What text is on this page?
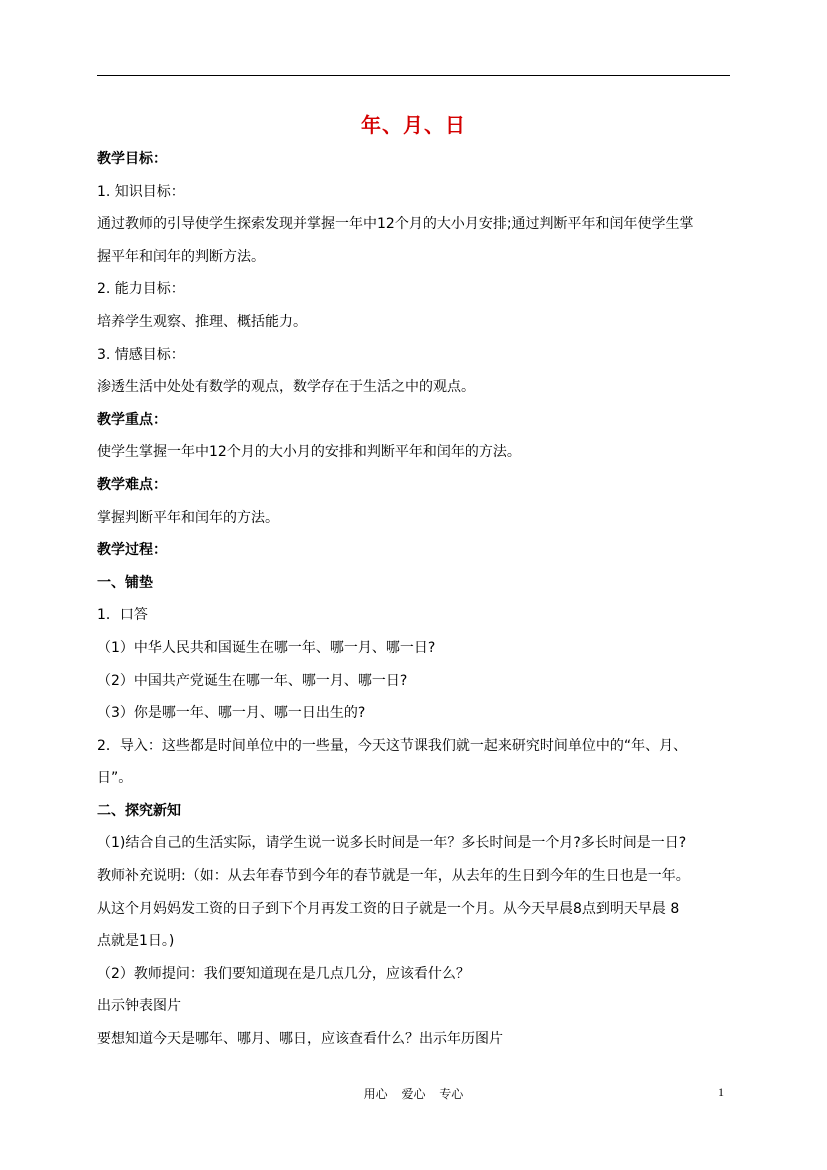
年、月、日
教学目标：
1. 知识目标：
通过教师的引导使学生探索发现并掌握一年中12个月的大小月安排;通过判断平年和闰年使学生掌
握平年和闰年的判断方法。
2. 能力目标：
培养学生观察、推理、概括能力。
3. 情感目标：
渗透生活中处处有数学的观点，数学存在于生活之中的观点。
教学重点：
使学生掌握一年中12个月的大小月的安排和判断平年和闰年的方法。
教学难点：
掌握判断平年和闰年的方法。
教学过程：
一、铺垫
1．口答
（1）中华人民共和国诞生在哪一年、哪一月、哪一日?
（2）中国共产党诞生在哪一年、哪一月、哪一日?
（3）你是哪一年、哪一月、哪一日出生的?
2．导入：这些都是时间单位中的一些量，今天这节课我们就一起来研究时间单位中的“年、月、
日”。
二、探究新知
（1)结合自己的生活实际，请学生说一说多长时间是一年？多长时间是一个月?多长时间是一日?
教师补充说明:（如：从去年春节到今年的春节就是一年，从去年的生日到今年的生日也是一年。
从这个月妈妈发工资的日子到下个月再发工资的日子就是一个月。从今天早晨8点到明天早晨 8
点就是1日。)
（2）教师提问：我们要知道现在是几点几分，应该看什么？
出示钟表图片
要想知道今天是哪年、哪月、哪日，应该查看什么？出示年历图片
用心 爱心 专心	1
